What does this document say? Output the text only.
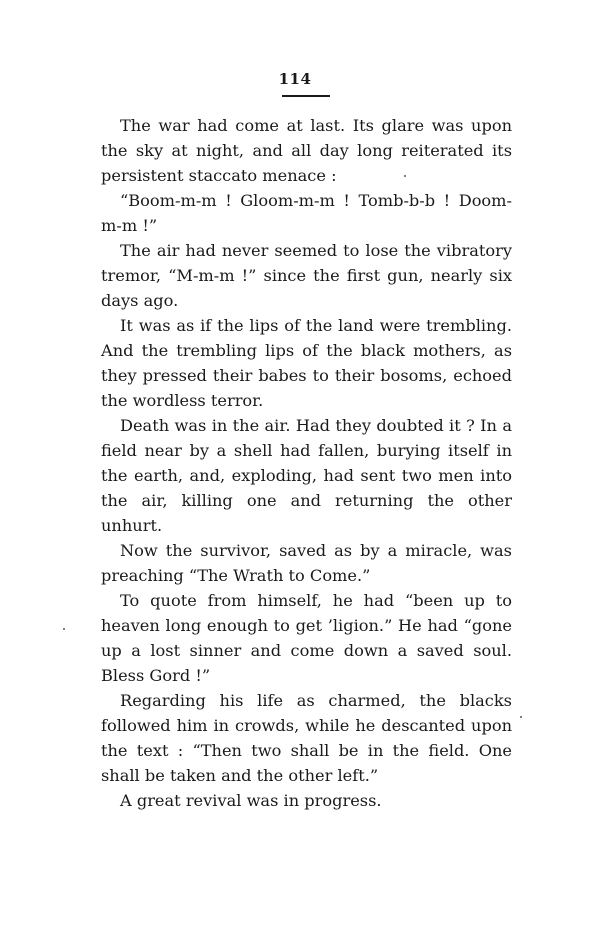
114

The war had come at last. Its glare was upon the sky at night, and all day long reiterated its persistent staccato menace :

“Boom-m-m ! Gloom-m-m ! Tomb-b-b ! Doom-m-m !”

The air had never seemed to lose the vibratory tremor, “M-m-m !” since the first gun, nearly six days ago.

It was as if the lips of the land were trembling. And the trembling lips of the black mothers, as they pressed their babes to their bosoms, echoed the wordless terror.

Death was in the air. Had they doubted it ? In a field near by a shell had fallen, burying itself in the earth, and, exploding, had sent two men into the air, killing one and returning the other unhurt.

Now the survivor, saved as by a miracle, was preaching “The Wrath to Come.”

To quote from himself, he had “been up to heaven long enough to get ’ligion.” He had “gone up a lost sinner and come down a saved soul. Bless Gord !”

Regarding his life as charmed, the blacks followed him in crowds, while he descanted upon the text : “Then two shall be in the field. One shall be taken and the other left.”

A great revival was in progress.
